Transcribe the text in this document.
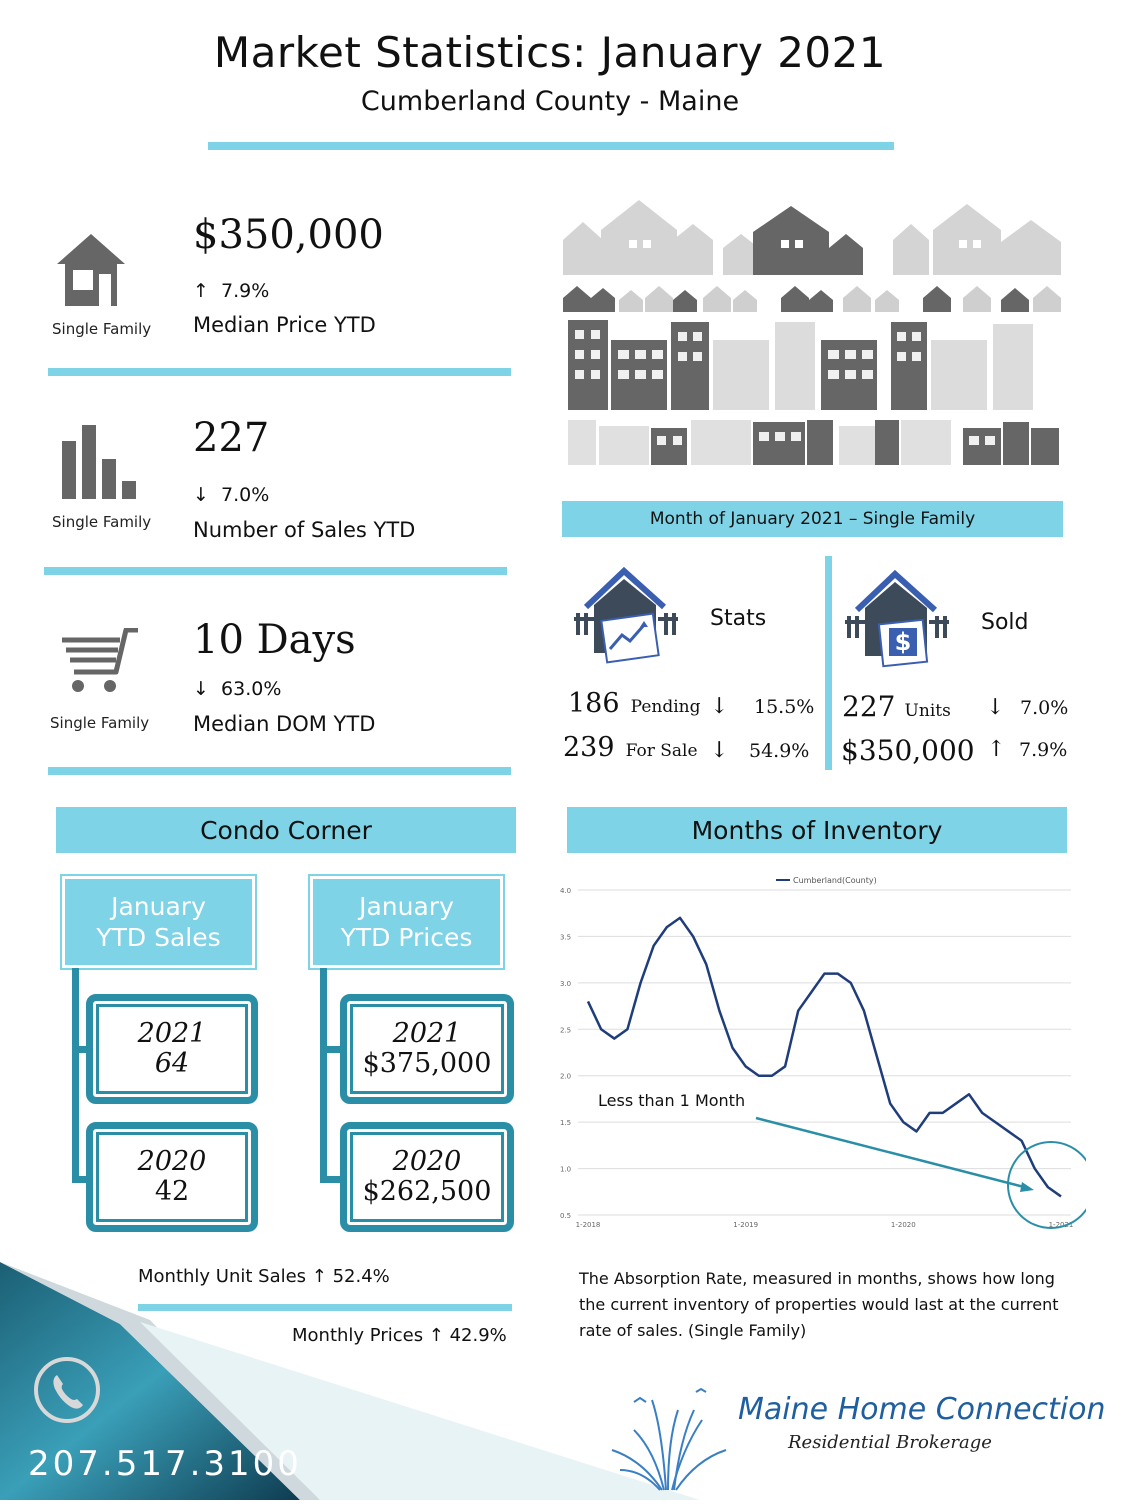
Market Statistics: January 2021
Cumberland County - Maine
Single Family
$350,000
↑ 7.9%
Median Price YTD
Single Family
227
↓ 7.0%
Number of Sales YTD
Single Family
10 Days
↓ 63.0%
Median DOM YTD
Month of January 2021 – Single Family
Stats
186 Pending ↓ 15.5%
239 For Sale ↓ 54.9%
$
Sold
227 Units ↓ 7.0%
$350,000 ↑ 7.9%
Condo Corner
January
YTD Sales
January
YTD Prices
2021
64
2020
42
2021
$375,000
2020
$262,500
Monthly Unit Sales ↑ 52.4%
Monthly Prices ↑ 42.9%
Months of Inventory
0.5
1.0
1.5
2.0
2.5
3.0
3.5
4.0
1-2018	1-2019	1-2020	1-2021
Cumberland(County)
Less than 1 Month
The Absorption Rate, measured in months, shows how long the current inventory of properties would last at the current rate of sales. (Single Family)
207.517.3100
Maine Home Connection
Residential Brokerage
